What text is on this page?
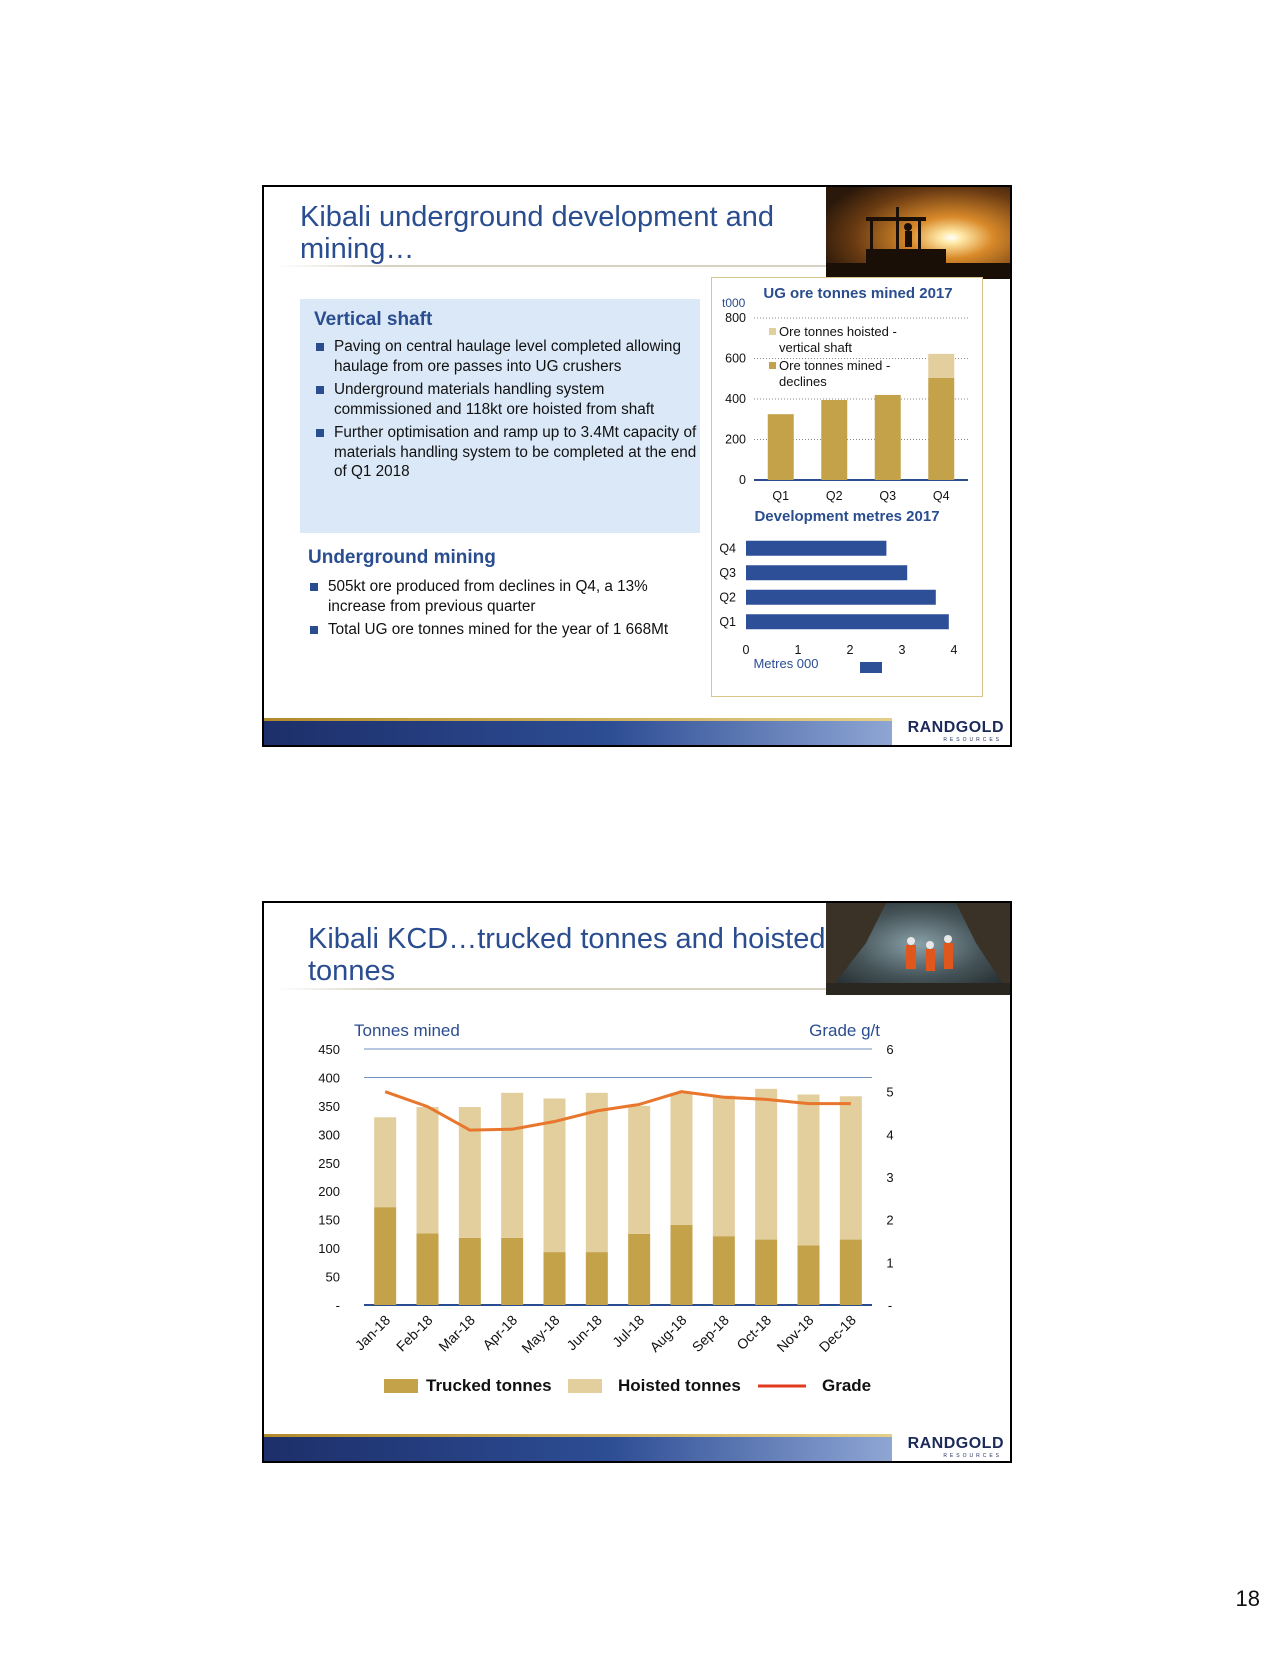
Kibali underground development and mining…
Vertical shaft
Paving on central haulage level completed allowing haulage from ore passes into UG crushers
Underground materials handling system commissioned and 118kt ore hoisted from shaft
Further optimisation and ramp up to 3.4Mt capacity of materials handling system to be completed at the end of Q1 2018
Underground mining
505kt ore produced from declines in Q4, a 13% increase from previous quarter
Total UG ore tonnes mined for the year of 1 668Mt
UG ore tonnes mined 2017
t000
0
200
400
600
800
Q1	Q2	Q3	Q4
Ore tonnes hoisted -vertical shaft
Ore tonnes mined -declines
Development metres 2017
Q4
Q3
Q2
Q1
0	1	2	3	4
Metres 000
RANDGOLD
RESOURCES
Kibali KCD…trucked tonnes and hoisted tonnes
Tonnes mined	Grade g/t
-
50
100
150
200
250
300
350
400
450
-
1
2
3
4
5
6
Jan-18 Feb-18 Mar-18 Apr-18
May-18 Jun-18 Jul-18 Aug-18 Sep-18 Oct-18 Nov-18 Dec-18
Trucked tonnes	Hoisted tonnes	Grade
RANDGOLD
RESOURCES
18
